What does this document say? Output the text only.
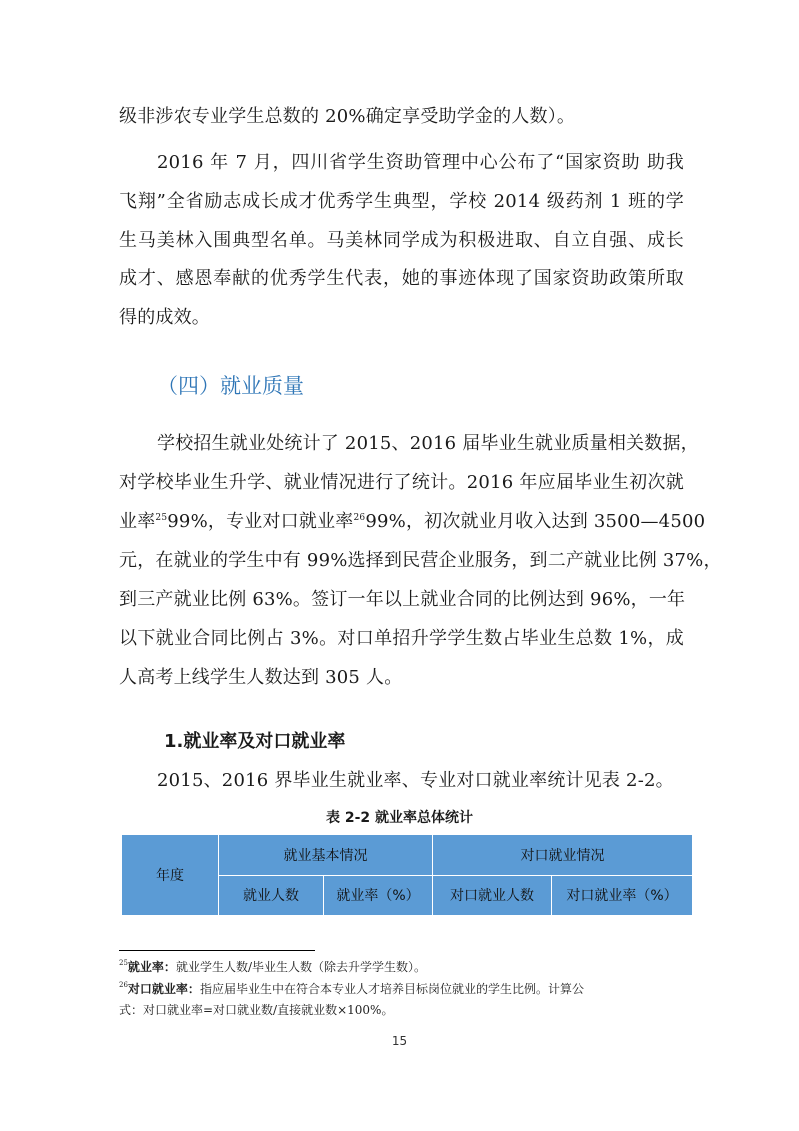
级非涉农专业学生总数的 20%确定享受助学金的人数）。
2016 年 7 月，四川省学生资助管理中心公布了“国家资助 助我
飞翔”全省励志成长成才优秀学生典型，学校 2014 级药剂 1 班的学
生马美林入围典型名单。马美林同学成为积极进取、自立自强、成长
成才、感恩奉献的优秀学生代表，她的事迹体现了国家资助政策所取
得的成效。
（四）就业质量
学校招生就业处统计了 2015、2016 届毕业生就业质量相关数据，
对学校毕业生升学、就业情况进行了统计。2016 年应届毕业生初次就
业率$^{25}$99%，专业对口就业率$^{26}$99%，初次就业月收入达到 3500—4500
元，在就业的学生中有 99%选择到民营企业服务，到二产就业比例 37%，
到三产就业比例 63%。签订一年以上就业合同的比例达到 96%，一年
以下就业合同比例占 3%。对口单招升学学生数占毕业生总数 1%，成
人高考上线学生人数达到 305 人。
1.就业率及对口就业率
2015、2016 界毕业生就业率、专业对口就业率统计见表 2-2。
表 2-2 就业率总体统计
年度	就业基本情况		对口就业情况	
	就业人数	就业率（%）	对口就业人数	对口就业率（%）
$^{25}$就业率：就业学生人数/毕业生人数（除去升学学生数）。
$^{26}$对口就业率：指应届毕业生中在符合本专业人才培养目标岗位就业的学生比例。计算公
式：对口就业率=对口就业数/直接就业数×100%。
15
